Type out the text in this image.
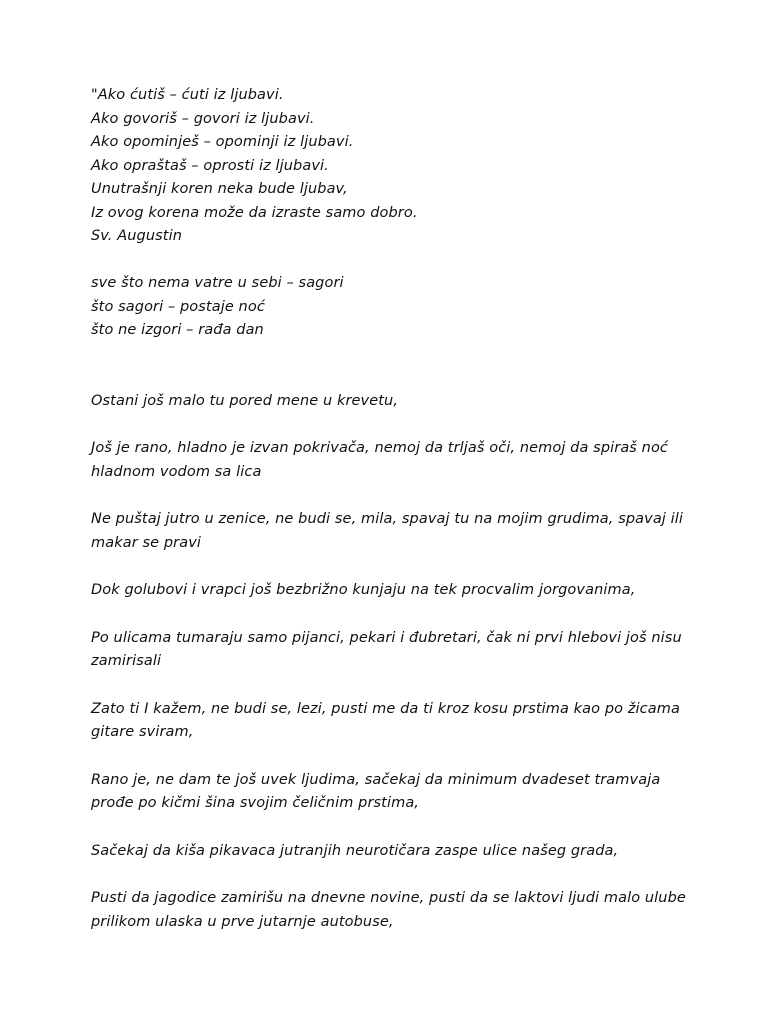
"Ako ćutiš – ćuti iz ljubavi.

Ako govoriš – govori iz ljubavi.

Ako opominješ – opominji iz ljubavi.

Ako opraštaš – oprosti iz ljubavi.

Unutrašnji koren neka bude ljubav,

Iz ovog korena može da izraste samo dobro.

Sv. Augustin

sve što nema vatre u sebi – sagori

što sagori – postaje noć

što ne izgori – rađa dan

Ostani još malo tu pored mene u krevetu,

Još je rano, hladno je izvan pokrivača, nemoj da trljaš oči, nemoj da spiraš noć hladnom vodom sa lica

Ne puštaj jutro u zenice, ne budi se, mila, spavaj tu na mojim grudima, spavaj ili makar se pravi

Dok golubovi i vrapci još bezbrižno kunjaju na tek procvalim jorgovanima,

Po ulicama tumaraju samo pijanci, pekari i đubretari, čak ni prvi hlebovi još nisu zamirisali

Zato ti I kažem, ne budi se, lezi, pusti me da ti kroz kosu prstima kao po žicama gitare sviram,

Rano je, ne dam te još uvek ljudima, sačekaj da minimum dvadeset tramvaja prođe po kičmi šina svojim čeličnim prstima,

Sačekaj da kiša pikavaca jutranjih neurotičara zaspe ulice našeg grada,

Pusti da jagodice zamirišu na dnevne novine, pusti da se laktovi ljudi malo ulube prilikom ulaska u prve jutarnje autobuse,
